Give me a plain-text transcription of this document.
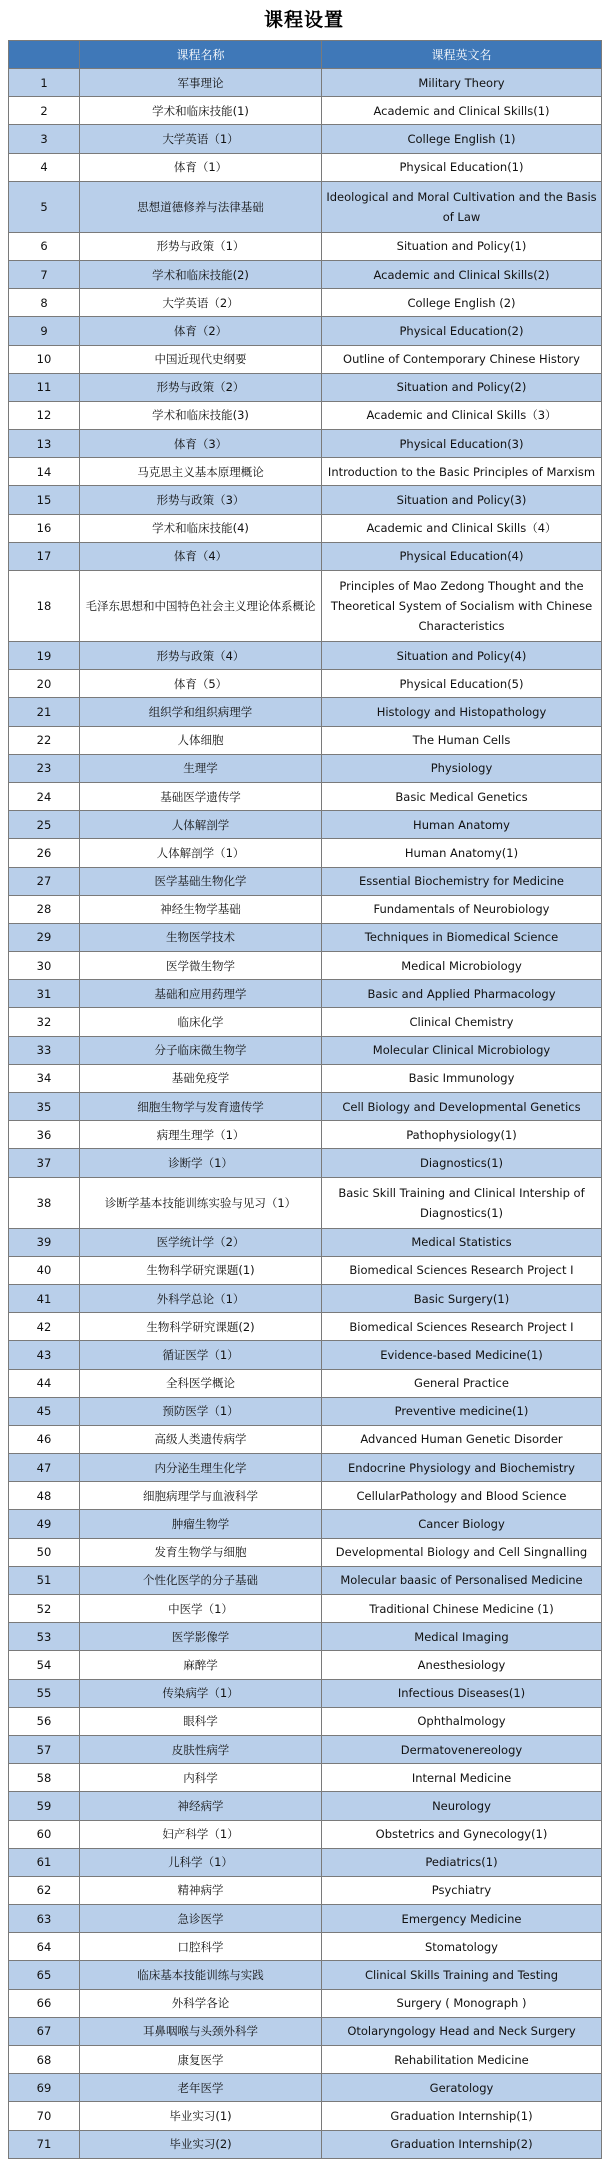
课程设置
	课程名称	课程英文名
1	军事理论	Military Theory
2	学术和临床技能(1)	Academic and Clinical Skills(1)
3	大学英语（1）	College English (1)
4	体育（1）	Physical Education(1)
5	思想道德修养与法律基础	Ideological and Moral Cultivation and the Basis of Law
6	形势与政策（1）	Situation and Policy(1)
7	学术和临床技能(2)	Academic and Clinical Skills(2)
8	大学英语（2）	College English (2)
9	体育（2）	Physical Education(2)
10	中国近现代史纲要	Outline of Contemporary Chinese History
11	形势与政策（2）	Situation and Policy(2)
12	学术和临床技能(3)	Academic and Clinical Skills（3）
13	体育（3）	Physical Education(3)
14	马克思主义基本原理概论	Introduction to the Basic Principles of Marxism
15	形势与政策（3）	Situation and Policy(3)
16	学术和临床技能(4)	Academic and Clinical Skills（4）
17	体育（4）	Physical Education(4)
18	毛泽东思想和中国特色社会主义理论体系概论	Principles of Mao Zedong Thought and the Theoretical System of Socialism with Chinese Characteristics
19	形势与政策（4）	Situation and Policy(4)
20	体育（5）	Physical Education(5)
21	组织学和组织病理学	Histology and Histopathology
22	人体细胞	The Human Cells
23	生理学	Physiology
24	基础医学遗传学	Basic Medical Genetics
25	人体解剖学	Human Anatomy
26	人体解剖学（1）	Human Anatomy(1)
27	医学基础生物化学	Essential Biochemistry for Medicine
28	神经生物学基础	Fundamentals of Neurobiology
29	生物医学技术	Techniques in Biomedical Science
30	医学微生物学	Medical Microbiology
31	基础和应用药理学	Basic and Applied Pharmacology
32	临床化学	Clinical Chemistry
33	分子临床微生物学	Molecular Clinical Microbiology
34	基础免疫学	Basic Immunology
35	细胞生物学与发育遗传学	Cell Biology and Developmental Genetics
36	病理生理学（1）	Pathophysiology(1)
37	诊断学（1）	Diagnostics(1)
38	诊断学基本技能训练实验与见习（1）	Basic Skill Training and Clinical Intership of Diagnostics(1)
39	医学统计学（2）	Medical Statistics
40	生物科学研究课题(1)	Biomedical Sciences Research Project I
41	外科学总论（1）	Basic Surgery(1)
42	生物科学研究课题(2)	Biomedical Sciences Research Project I
43	循证医学（1）	Evidence-based Medicine(1)
44	全科医学概论	General Practice
45	预防医学（1）	Preventive medicine(1)
46	高级人类遗传病学	Advanced Human Genetic Disorder
47	内分泌生理生化学	Endocrine Physiology and Biochemistry
48	细胞病理学与血液科学	CellularPathology and Blood Science
49	肿瘤生物学	Cancer Biology
50	发育生物学与细胞	Developmental Biology and Cell Singnalling
51	个性化医学的分子基础	Molecular baasic of Personalised Medicine
52	中医学（1）	Traditional Chinese Medicine (1)
53	医学影像学	Medical Imaging
54	麻醉学	Anesthesiology
55	传染病学（1）	Infectious Diseases(1)
56	眼科学	Ophthalmology
57	皮肤性病学	Dermatovenereology
58	内科学	Internal Medicine
59	神经病学	Neurology
60	妇产科学（1）	Obstetrics and Gynecology(1)
61	儿科学（1）	Pediatrics(1)
62	精神病学	Psychiatry
63	急诊医学	Emergency Medicine
64	口腔科学	Stomatology
65	临床基本技能训练与实践	Clinical Skills Training and Testing
66	外科学各论	Surgery ( Monograph )
67	耳鼻咽喉与头颈外科学	Otolaryngology Head and Neck Surgery
68	康复医学	Rehabilitation Medicine
69	老年医学	Geratology
70	毕业实习(1)	Graduation Internship(1)
71	毕业实习(2)	Graduation Internship(2)
